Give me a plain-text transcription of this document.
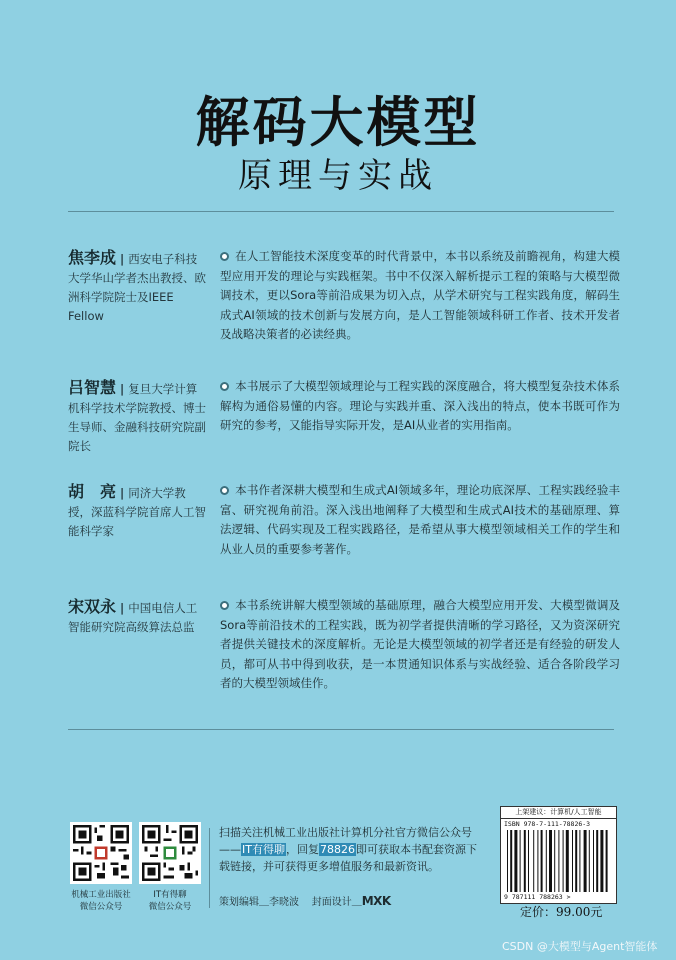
解码大模型
原理与实战
焦李成 | 西安电子科技大学华山学者杰出教授、欧洲科学院院士及IEEE Fellow
在人工智能技术深度变革的时代背景中，本书以系统及前瞻视角，构建大模型应用开发的理论与实践框架。书中不仅深入解析提示工程的策略与大模型微调技术，更以Sora等前沿成果为切入点，从学术研究与工程实践角度，解码生成式AI领域的技术创新与发展方向，是人工智能领域科研工作者、技术开发者及战略决策者的必读经典。
吕智慧 | 复旦大学计算机科学技术学院教授、博士生导师、金融科技研究院副院长
本书展示了大模型领域理论与工程实践的深度融合，将大模型复杂技术体系解构为通俗易懂的内容。理论与实践并重、深入浅出的特点，使本书既可作为研究的参考，又能指导实际开发，是AI从业者的实用指南。
胡　亮 | 同济大学教授，深蓝科学院首席人工智能科学家
本书作者深耕大模型和生成式AI领域多年，理论功底深厚、工程实践经验丰富、研究视角前沿。深入浅出地阐释了大模型和生成式AI技术的基础原理、算法逻辑、代码实现及工程实践路径，是希望从事大模型领域相关工作的学生和从业人员的重要参考著作。
宋双永 | 中国电信人工智能研究院高级算法总监
本书系统讲解大模型领域的基础原理，融合大模型应用开发、大模型微调及Sora等前沿技术的工程实践，既为初学者提供清晰的学习路径，又为资深研究者提供关键技术的深度解析。无论是大模型领域的初学者还是有经验的研发人员，都可从书中得到收获，是一本贯通知识体系与实战经验、适合各阶段学习者的大模型领域佳作。
机械工业出版社
微信公众号
IT有得聊
微信公众号
扫描关注机械工业出版社计算机分社官方微信公众号——IT有得聊，回复78826即可获取本书配套资源下载链接，并可获得更多增值服务和最新资讯。
策划编辑＿李晓波 封面设计＿MXK
上架建议：计算机/人工智能
ISBN 978-7-111-78826-3
9 787111 788263 >
定价：99.00元
CSDN @大模型与Agent智能体
